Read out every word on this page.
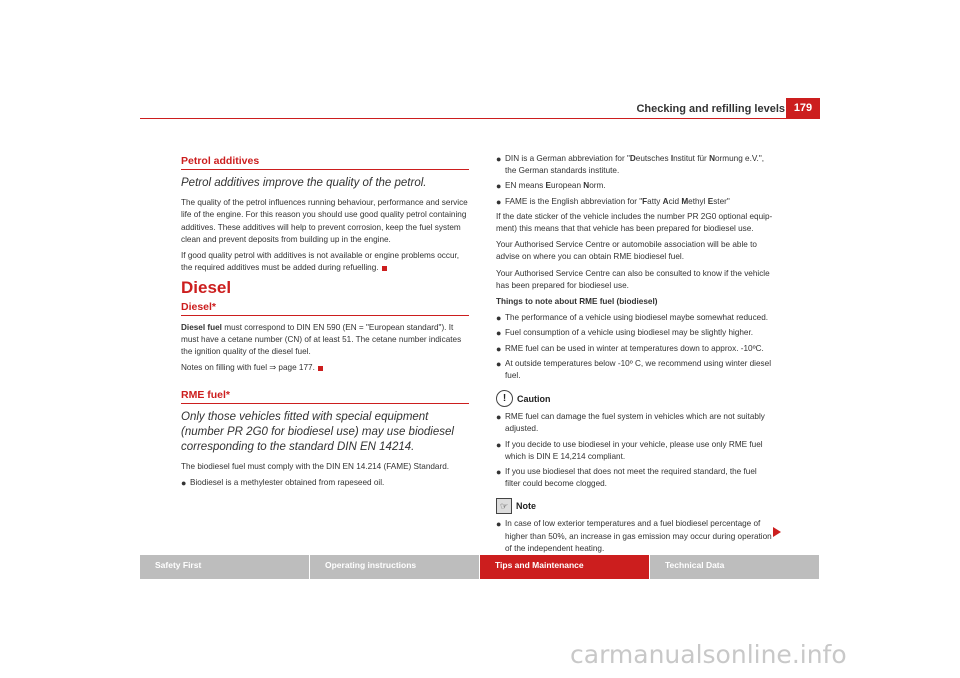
Checking and refilling levels 179
Petrol additives
Petrol additives improve the quality of the petrol.

The quality of the petrol influences running behaviour, performance and service life of the engine. For this reason you should use good quality petrol containing additives. These additives will help to prevent corrosion, keep the fuel system clean and prevent deposits from building up in the engine.

If good quality petrol with additives is not available or engine problems occur, the required additives must be added during refuelling.

Diesel
Diesel*

Diesel fuel must correspond to DIN EN 590 (EN = "European standard"). It must have a cetane number (CN) of at least 51. The cetane number indicates the ignition quality of the diesel fuel.

Notes on filling with fuel ⇒ page 177.

RME fuel*
Only those vehicles fitted with special equipment (number PR 2G0 for biodiesel use) may use biodiesel corresponding to the standard DIN EN 14214.

The biodiesel fuel must comply with the DIN EN 14.214 (FAME) Standard.

● Biodiesel is a methylester obtained from rapeseed oil.
● DIN is a German abbreviation for "Deutsches Institut für Normung e.V.", the German standards institute.
● EN means European Norm.
● FAME is the English abbreviation for "Fatty Acid Methyl Ester"

If the date sticker of the vehicle includes the number PR 2G0 optional equip-ment) this means that that vehicle has been prepared for biodiesel use.

Your Authorised Service Centre or automobile association will be able to advise on where you can obtain RME biodiesel fuel.

Your Authorised Service Centre can also be consulted to know if the vehicle has been prepared for biodiesel use.

Things to note about RME fuel (biodiesel)

● The performance of a vehicle using biodiesel maybe somewhat reduced.
● Fuel consumption of a vehicle using biodiesel may be slightly higher.
● RME fuel can be used in winter at temperatures down to approx. -10ºC.
● At outside temperatures below -10º C, we recommend using winter diesel fuel.
!	Caution
● RME fuel can damage the fuel system in vehicles which are not suitably adjusted.
● If you decide to use biodiesel in your vehicle, please use only RME fuel which is DIN E 14,214 compliant.
● If you use biodiesel that does not meet the required standard, the fuel filter could become clogged.
☞ Note
● In case of low exterior temperatures and a fuel biodiesel percentage of higher than 50%, an increase in gas emission may occur during operation of the independent heating.
Safety First	Operating instructions	Tips and Maintenance	Technical Data
carmanualsonline.info
